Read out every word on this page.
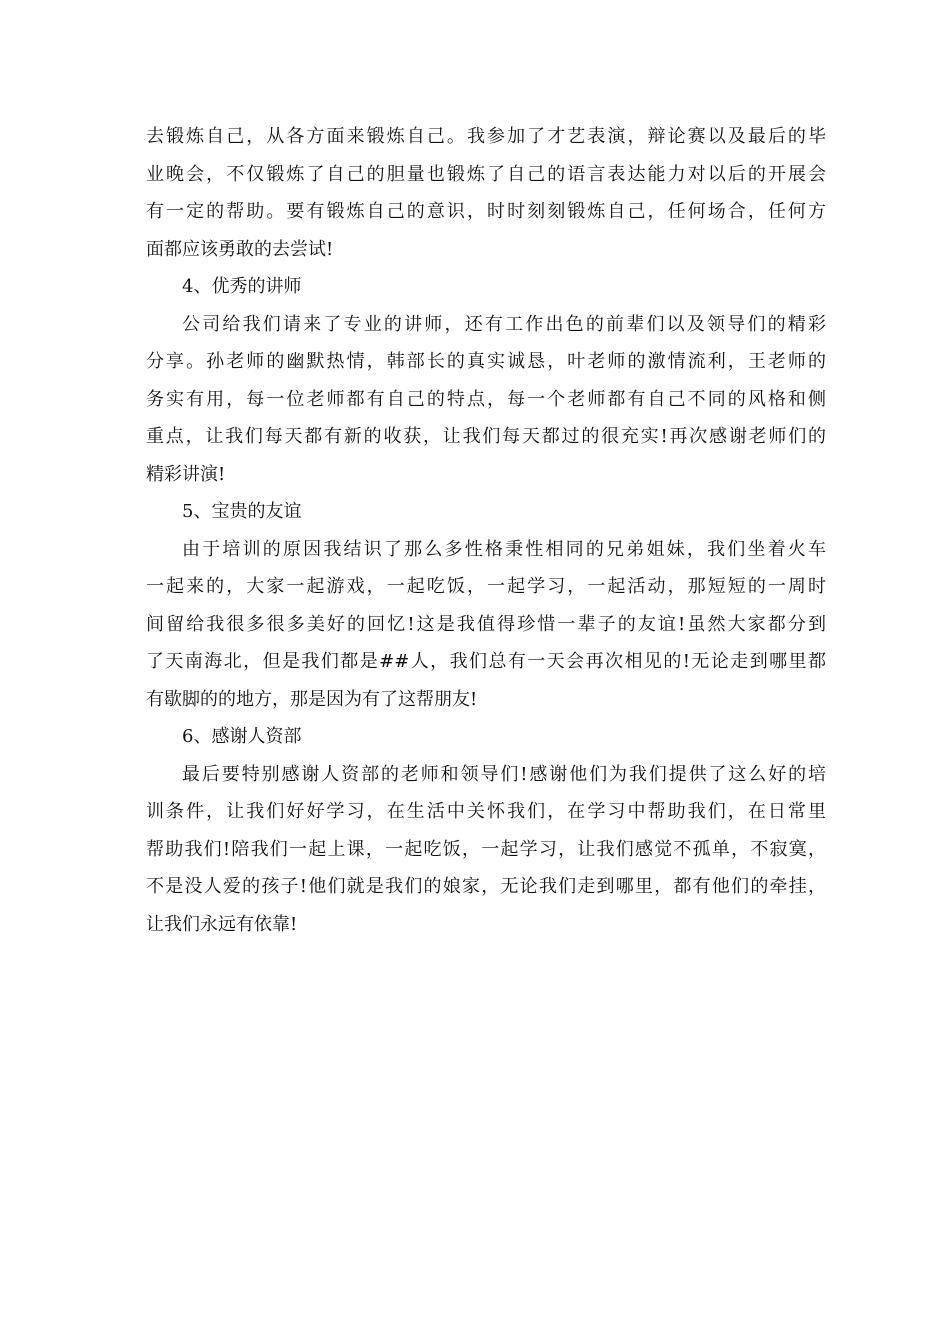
去锻炼自己，从各方面来锻炼自己。我参加了才艺表演，辩论赛以及最后的毕
业晚会，不仅锻炼了自己的胆量也锻炼了自己的语言表达能力对以后的开展会
有一定的帮助。要有锻炼自己的意识，时时刻刻锻炼自己，任何场合，任何方
面都应该勇敢的去尝试!
4、优秀的讲师
公司给我们请来了专业的讲师，还有工作出色的前辈们以及领导们的精彩
分享。孙老师的幽默热情，韩部长的真实诚恳，叶老师的激情流利，王老师的
务实有用，每一位老师都有自己的特点，每一个老师都有自己不同的风格和侧
重点，让我们每天都有新的收获，让我们每天都过的很充实!再次感谢老师们的
精彩讲演!
5、宝贵的友谊
由于培训的原因我结识了那么多性格秉性相同的兄弟姐妹，我们坐着火车
一起来的，大家一起游戏，一起吃饭，一起学习，一起活动，那短短的一周时
间留给我很多很多美好的回忆!这是我值得珍惜一辈子的友谊!虽然大家都分到
了天南海北，但是我们都是##人，我们总有一天会再次相见的!无论走到哪里都
有歇脚的的地方，那是因为有了这帮朋友!
6、感谢人资部
最后要特别感谢人资部的老师和领导们!感谢他们为我们提供了这么好的培
训条件，让我们好好学习，在生活中关怀我们，在学习中帮助我们，在日常里
帮助我们!陪我们一起上课，一起吃饭，一起学习，让我们感觉不孤单，不寂寞，
不是没人爱的孩子!他们就是我们的娘家，无论我们走到哪里，都有他们的牵挂，
让我们永远有依靠!
